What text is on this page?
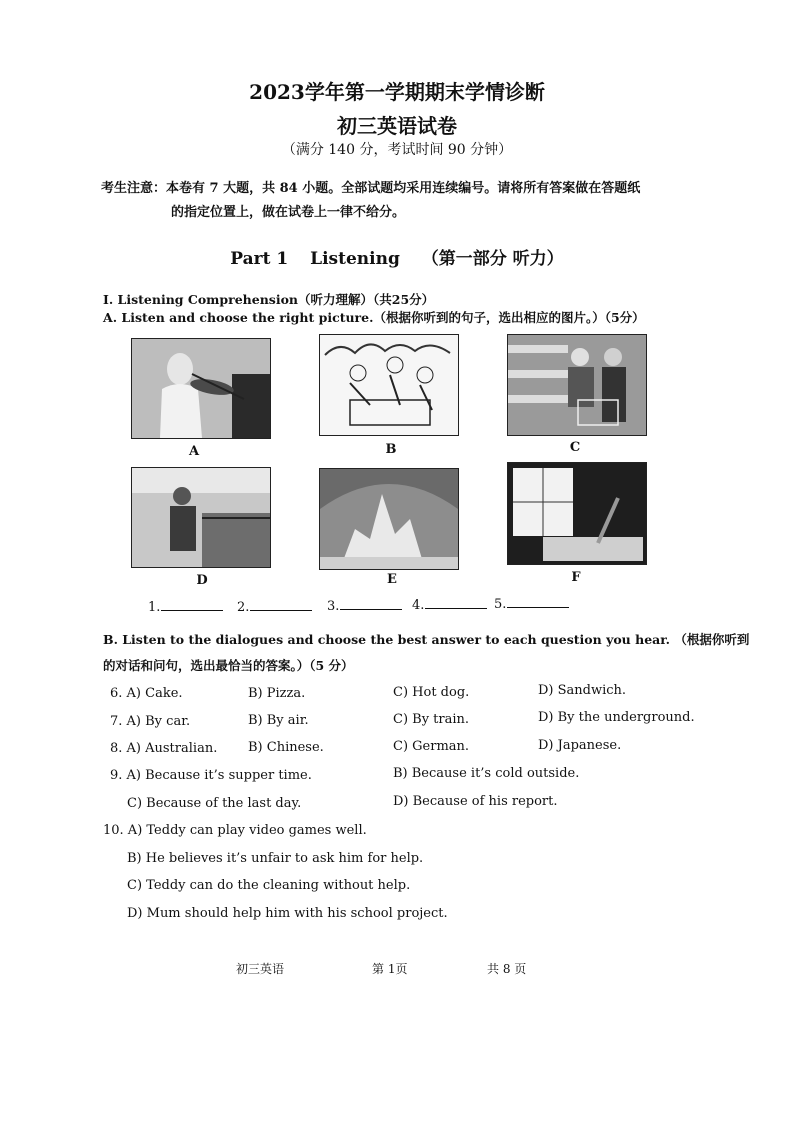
2023学年第一学期期末学情诊断
初三英语试卷
（满分 140 分，考试时间 90 分钟）
考生注意：本卷有 7 大题，共 84 小题。全部试题均采用连续编号。请将所有答案做在答题纸
的指定位置上，做在试卷上一律不给分。
Part 1 Listening （第一部分 听力）
I. Listening Comprehension（听力理解）（共25分）
A. Listen and choose the right picture.（根据你听到的句子，选出相应的图片。）（5分）
A	B	C
D	E	F
1.	2.	3.	4.	5.
B. Listen to the dialogues and choose the best answer to each question you hear. （根据你听到
的对话和问句，选出最恰当的答案。）（5 分）
6. A) Cake.	B) Pizza.	C) Hot dog.	D) Sandwich.
7. A) By car.	B) By air.	C) By train.	D) By the underground.
8. A) Australian. B) Chinese.	C) German.	D) Japanese.
9. A) Because it’s supper time.	B) Because it’s cold outside.
C) Because of the last day.	D) Because of his report.
10. A) Teddy can play video games well.
B) He believes it’s unfair to ask him for help.
C) Teddy can do the cleaning without help.
D) Mum should help him with his school project.
初三英语	第 1页	共 8 页
